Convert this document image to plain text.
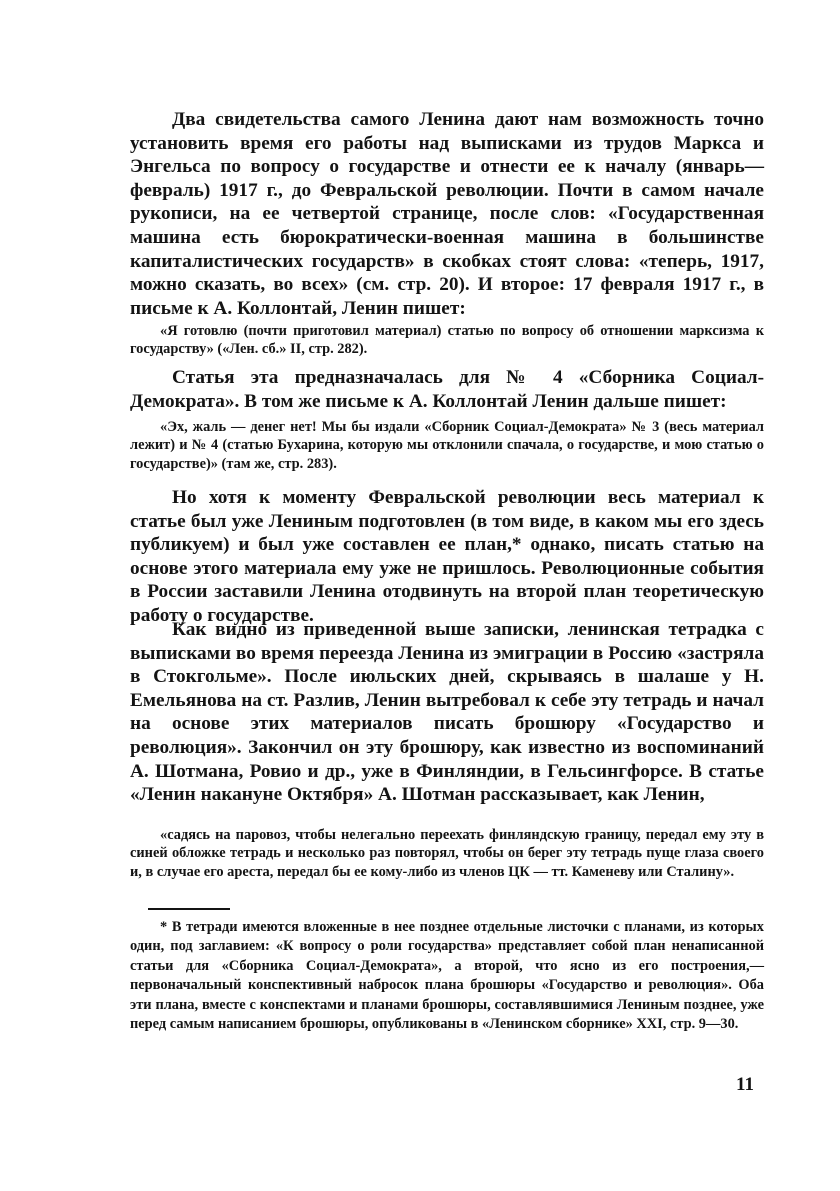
Два свидетельства самого Ленина дают нам возможность точно установить время его работы над выписками из трудов Маркса и Энгельса по вопросу о государстве и отнести ее к началу (январь—февраль) 1917 г., до Февральской революции. Почти в самом начале рукописи, на ее четвертой странице, после слов: «Государственная машина есть бюрократически-военная машина в большинстве капиталистических государств» в скобках стоят слова: «теперь, 1917, можно сказать, во всех» (см. стр. 20). И второе: 17 февраля 1917 г., в письме к А. Коллонтай, Ленин пишет:

«Я готовлю (почти приготовил материал) статью по вопросу об отношении марксизма к государству» («Лен. сб.» II, стр. 282).

Статья эта предназначалась для № 4 «Сборника Социал-Демократа». В том же письме к А. Коллонтай Ленин дальше пишет:

«Эх, жаль — денег нет! Мы бы издали «Сборник Социал-Демократа» № 3 (весь материал лежит) и № 4 (статью Бухарина, которую мы отклонили спачала, о государстве, и мою статью о государстве)» (там же, стр. 283).

Но хотя к моменту Февральской революции весь материал к статье был уже Лениным подготовлен (в том виде, в каком мы его здесь публикуем) и был уже составлен ее план,* однако, писать статью на основе этого материала ему уже не пришлось. Революционные события в России заставили Ленина отодвинуть на второй план теоретическую работу о государстве.

Как видно из приведенной выше записки, ленинская тетрадка с выписками во время переезда Ленина из эмиграции в Россию «застряла в Стокгольме». После июльских дней, скрываясь в шалаше у Н. Емельянова на ст. Разлив, Ленин вытребовал к себе эту тетрадь и начал на основе этих материалов писать брошюру «Государство и революция». Закончил он эту брошюру, как известно из воспоминаний А. Шотмана, Ровио и др., уже в Финляндии, в Гельсингфорсе. В статье «Ленин накануне Октября» А. Шотман рассказывает, как Ленин,

«садясь на паровоз, чтобы нелегально переехать финляндскую границу, передал ему эту в синей обложке тетрадь и несколько раз повторял, чтобы он берег эту тетрадь пуще глаза своего и, в случае его ареста, передал бы ее кому-либо из членов ЦК — тт. Каменеву или Сталину».

* В тетради имеются вложенные в нее позднее отдельные листочки с планами, из которых один, под заглавием: «К вопросу о роли государства» представляет собой план ненаписанной статьи для «Сборника Социал-Демократа», а второй, что ясно из его построения,—первоначальный конспективный набросок плана брошюры «Государство и революция». Оба эти плана, вместе с конспектами и планами брошюры, составлявшимися Лениным позднее, уже перед самым написанием брошюры, опубликованы в «Ленинском сборнике» XXI, стр. 9—30.

11
